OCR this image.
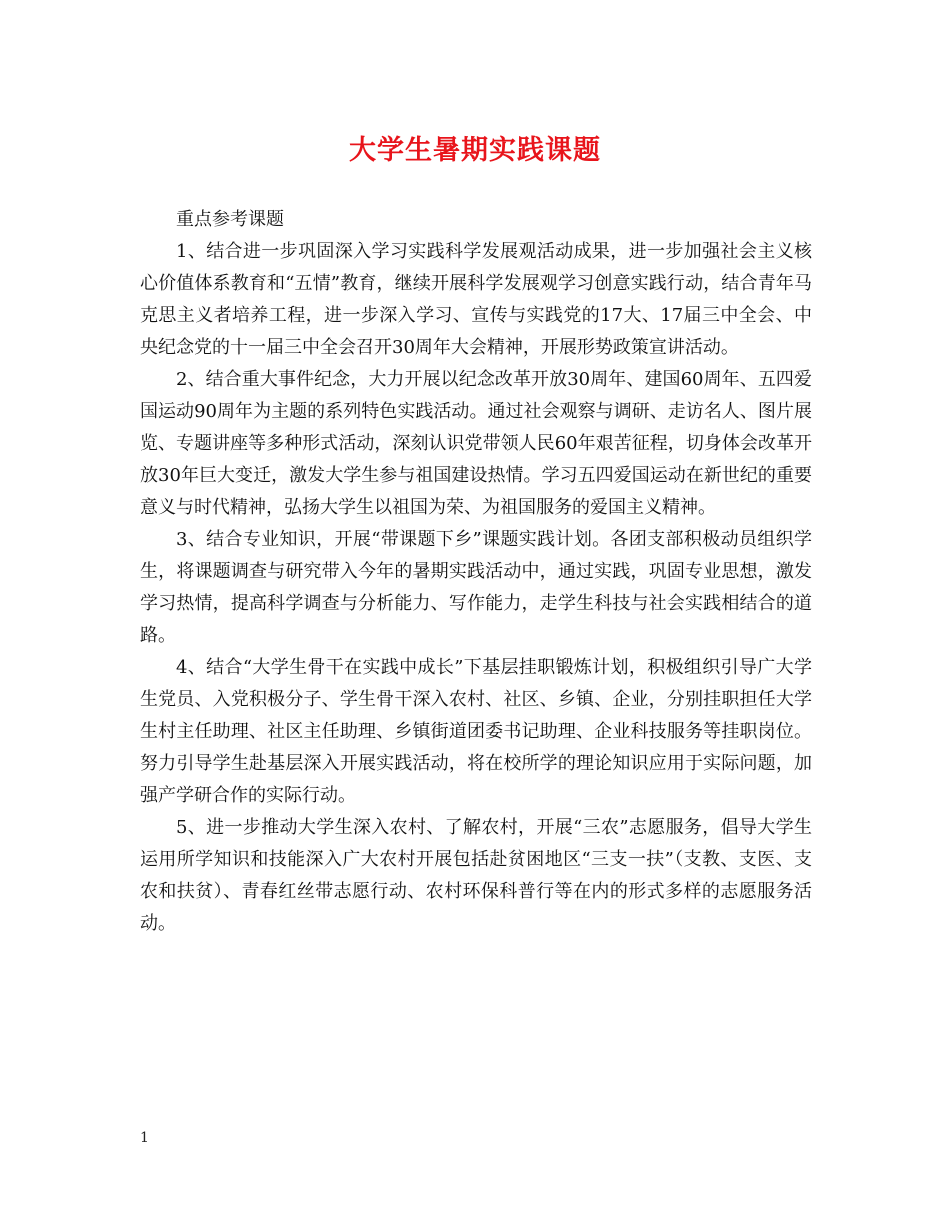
大学生暑期实践课题

重点参考课题

1、结合进一步巩固深入学习实践科学发展观活动成果，进一步加强社会主义核心价值体系教育和“五情”教育，继续开展科学发展观学习创意实践行动，结合青年马克思主义者培养工程，进一步深入学习、宣传与实践党的17大、17届三中全会、中央纪念党的十一届三中全会召开30周年大会精神，开展形势政策宣讲活动。

2、结合重大事件纪念，大力开展以纪念改革开放30周年、建国60周年、五四爱国运动90周年为主题的系列特色实践活动。通过社会观察与调研、走访名人、图片展览、专题讲座等多种形式活动，深刻认识党带领人民60年艰苦征程，切身体会改革开放30年巨大变迁，激发大学生参与祖国建设热情。学习五四爱国运动在新世纪的重要意义与时代精神，弘扬大学生以祖国为荣、为祖国服务的爱国主义精神。

3、结合专业知识，开展“带课题下乡”课题实践计划。各团支部积极动员组织学生，将课题调查与研究带入今年的暑期实践活动中，通过实践，巩固专业思想，激发学习热情，提高科学调查与分析能力、写作能力，走学生科技与社会实践相结合的道路。

4、结合“大学生骨干在实践中成长”下基层挂职锻炼计划，积极组织引导广大学生党员、入党积极分子、学生骨干深入农村、社区、乡镇、企业，分别挂职担任大学生村主任助理、社区主任助理、乡镇街道团委书记助理、企业科技服务等挂职岗位。努力引导学生赴基层深入开展实践活动，将在校所学的理论知识应用于实际问题，加强产学研合作的实际行动。

5、进一步推动大学生深入农村、了解农村，开展“三农”志愿服务，倡导大学生运用所学知识和技能深入广大农村开展包括赴贫困地区“三支一扶”（支教、支医、支农和扶贫）、青春红丝带志愿行动、农村环保科普行等在内的形式多样的志愿服务活动。

1
